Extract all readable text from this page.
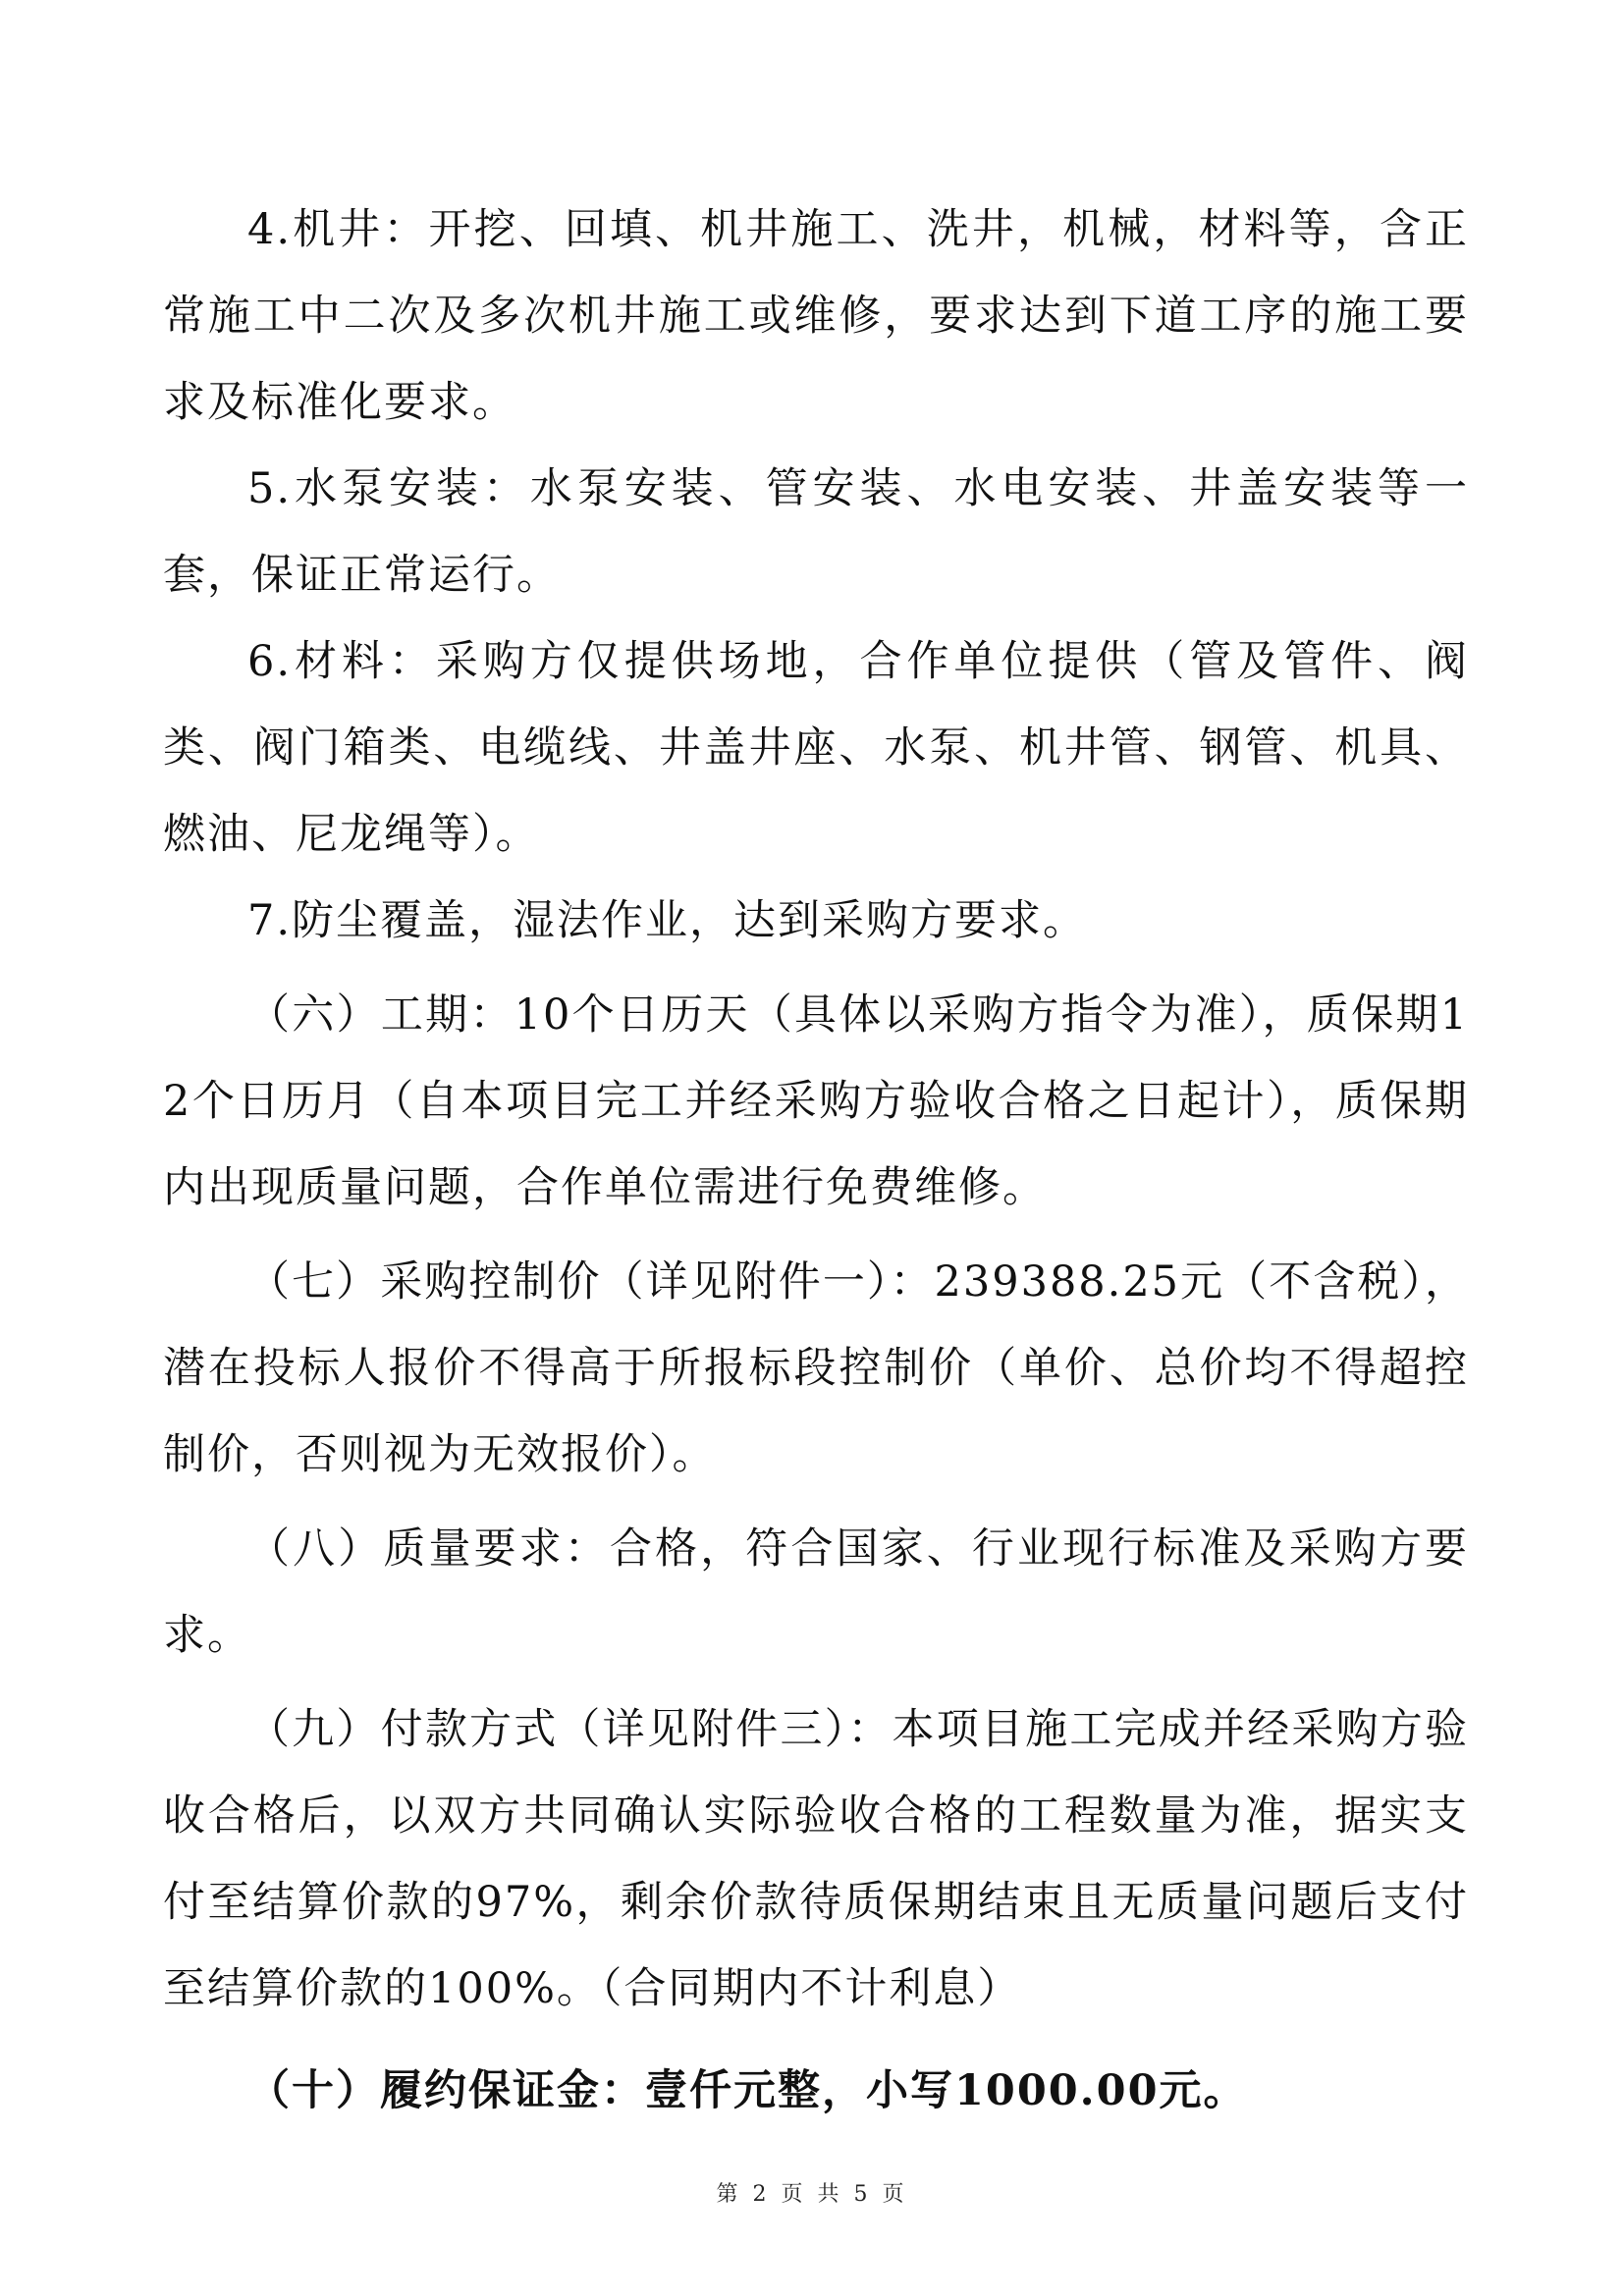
4.机井：开挖、回填、机井施工、洗井，机械，材料等，含正常施工中二次及多次机井施工或维修，要求达到下道工序的施工要求及标准化要求。

5.水泵安装：水泵安装、管安装、水电安装、井盖安装等一套，保证正常运行。

6.材料：采购方仅提供场地，合作单位提供（管及管件、阀类、阀门箱类、电缆线、井盖井座、水泵、机井管、钢管、机具、燃油、尼龙绳等）。

7.防尘覆盖，湿法作业，达到采购方要求。

（六）工期：10个日历天（具体以采购方指令为准），质保期12个日历月（自本项目完工并经采购方验收合格之日起计），质保期内出现质量问题，合作单位需进行免费维修。

（七）采购控制价（详见附件一）：239388.25元（不含税），潜在投标人报价不得高于所报标段控制价（单价、总价均不得超控制价，否则视为无效报价）。

（八）质量要求：合格，符合国家、行业现行标准及采购方要求。

（九）付款方式（详见附件三）：本项目施工完成并经采购方验收合格后，以双方共同确认实际验收合格的工程数量为准，据实支付至结算价款的97%，剩余价款待质保期结束且无质量问题后支付至结算价款的100%。（合同期内不计利息）

（十）履约保证金：壹仟元整，小写1000.00元。

第 2 页 共 5 页
